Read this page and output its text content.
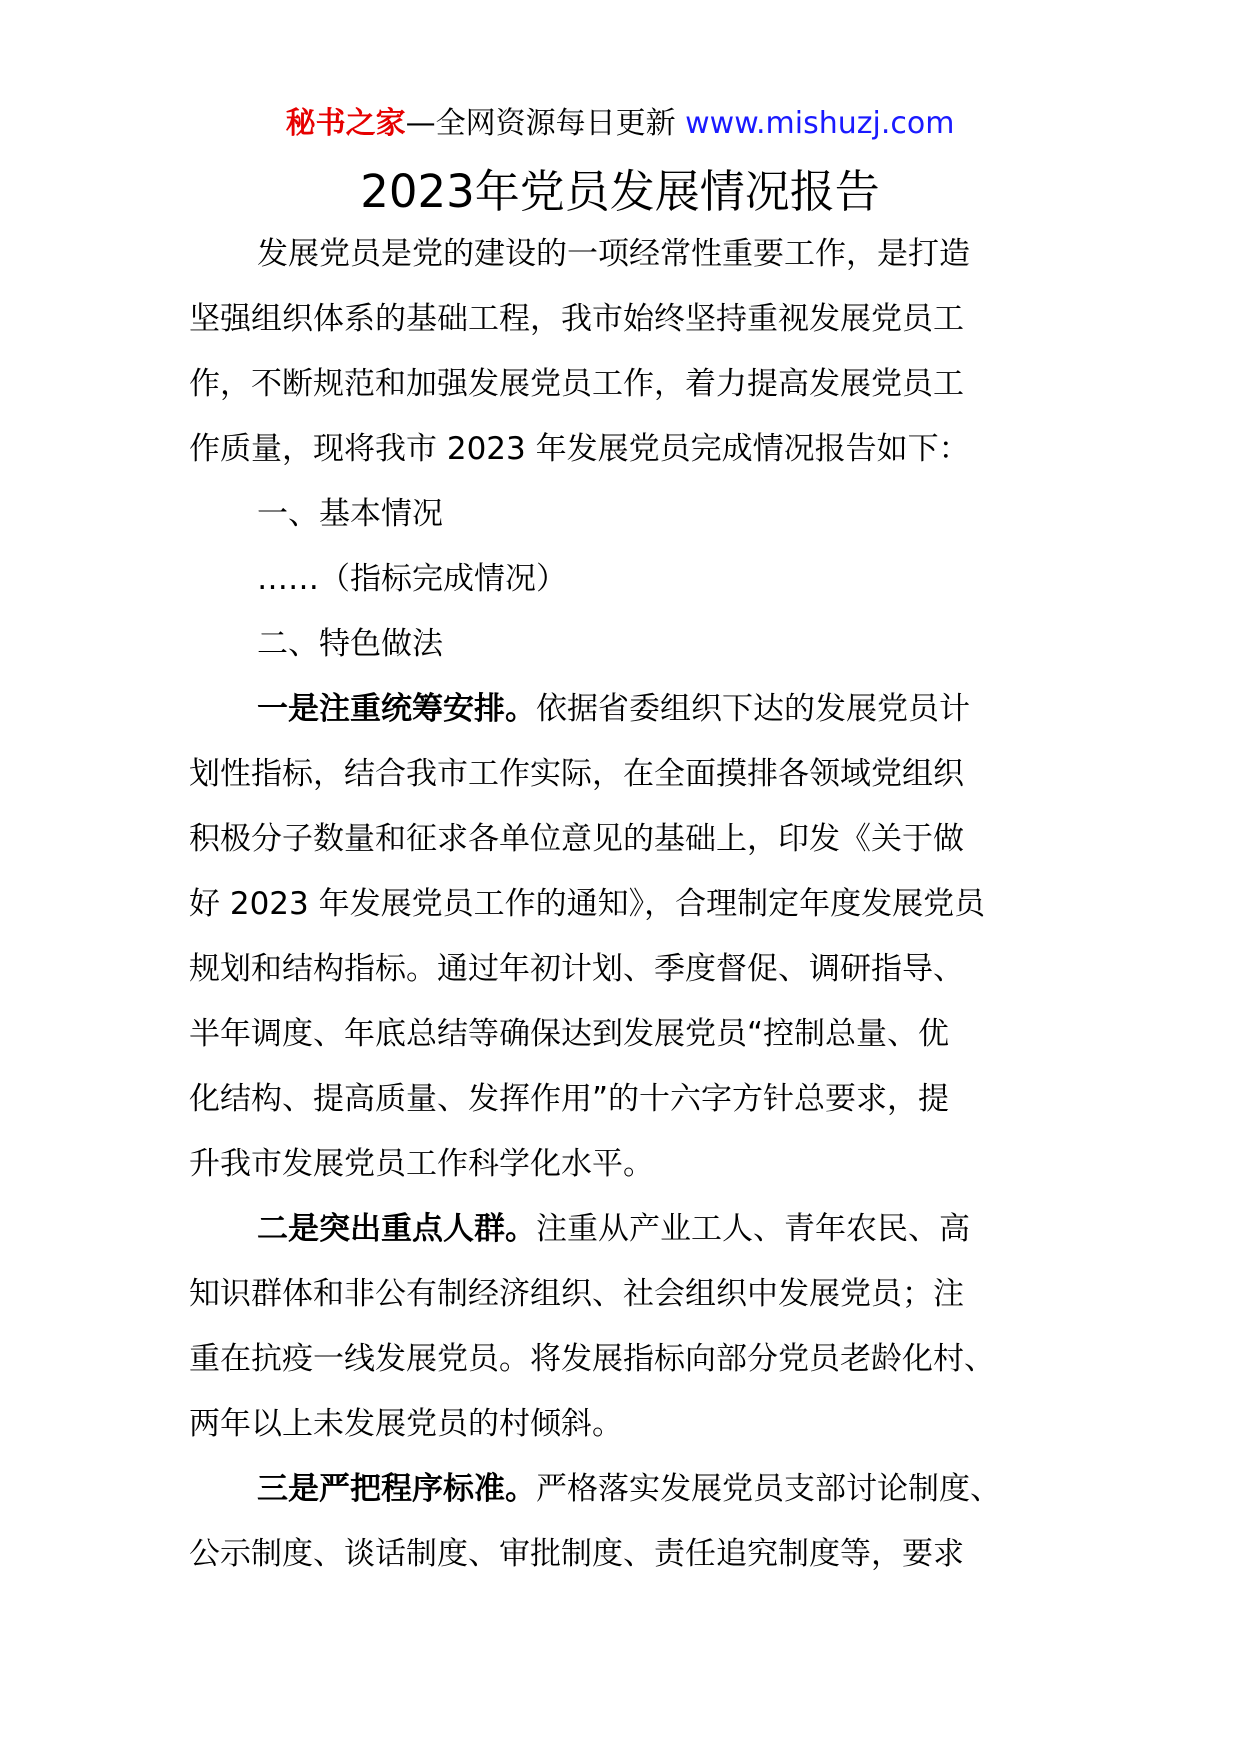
秘书之家—全网资源每日更新 www.mishuzj.com
2023年党员发展情况报告
发展党员是党的建设的一项经常性重要工作，是打造
坚强组织体系的基础工程，我市始终坚持重视发展党员工
作，不断规范和加强发展党员工作，着力提高发展党员工
作质量，现将我市 2023 年发展党员完成情况报告如下：
一、基本情况
……（指标完成情况）
二、特色做法
一是注重统筹安排。依据省委组织下达的发展党员计
划性指标，结合我市工作实际，在全面摸排各领域党组织
积极分子数量和征求各单位意见的基础上，印发《关于做
好 2023 年发展党员工作的通知》，合理制定年度发展党员
规划和结构指标。通过年初计划、季度督促、调研指导、
半年调度、年底总结等确保达到发展党员“控制总量、优
化结构、提高质量、发挥作用”的十六字方针总要求，提
升我市发展党员工作科学化水平。
二是突出重点人群。注重从产业工人、青年农民、高
知识群体和非公有制经济组织、社会组织中发展党员；注
重在抗疫一线发展党员。将发展指标向部分党员老龄化村、
两年以上未发展党员的村倾斜。
三是严把程序标准。严格落实发展党员支部讨论制度、
公示制度、谈话制度、审批制度、责任追究制度等，要求
